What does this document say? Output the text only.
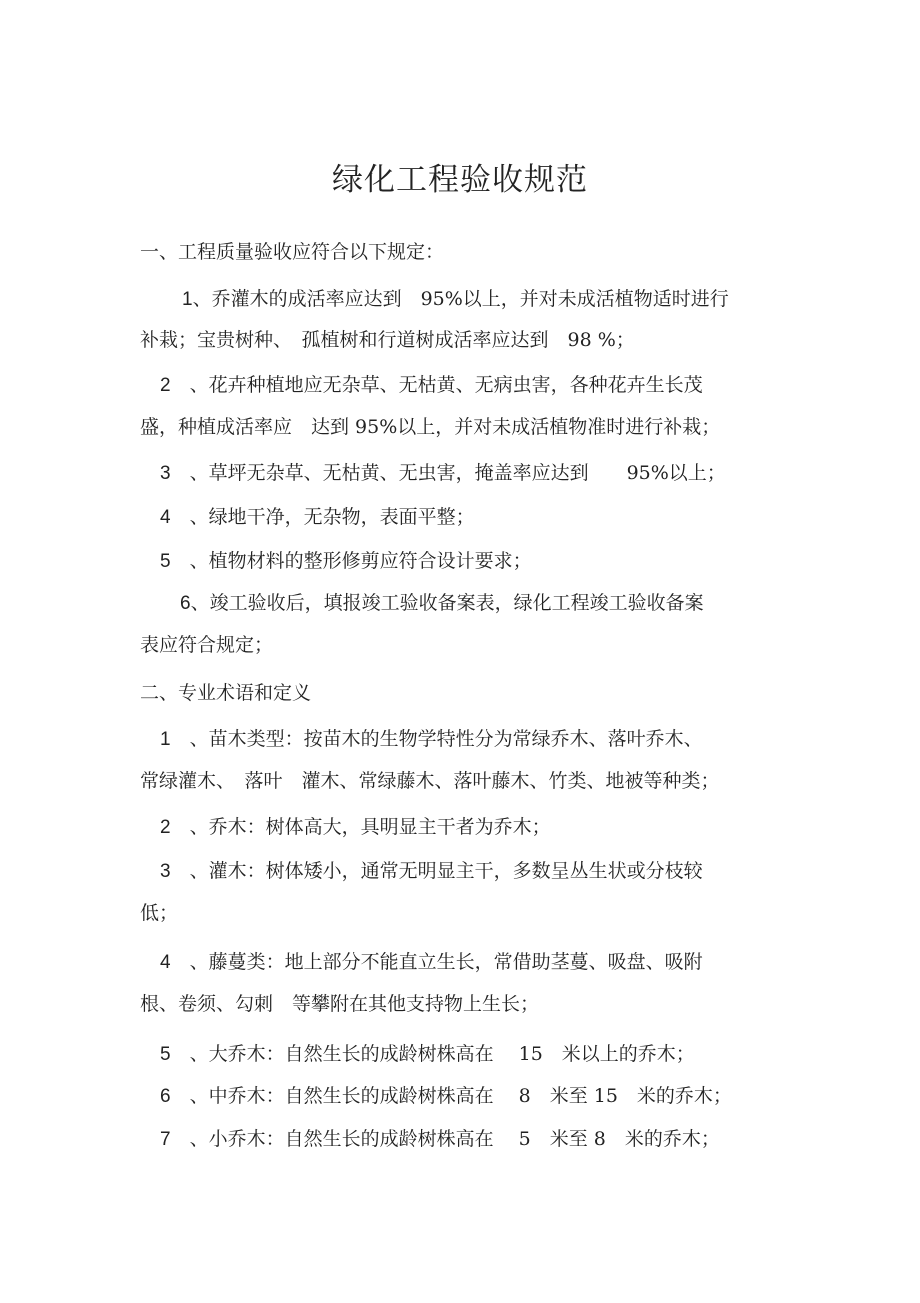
绿化工程验收规范
一、工程质量验收应符合以下规定：
1、乔灌木的成活率应达到　95%以上，并对未成活植物适时进行
补栽；宝贵树种、　孤植树和行道树成活率应达到　98 %；
2　、花卉种植地应无杂草、无枯黄、无病虫害，各种花卉生长茂
盛，种植成活率应　达到 95%以上，并对未成活植物准时进行补栽；
3　、草坪无杂草、无枯黄、无虫害，掩盖率应达到　　95%以上；
4　、绿地干净，无杂物，表面平整；
5　、植物材料的整形修剪应符合设计要求；
6、竣工验收后，填报竣工验收备案表，绿化工程竣工验收备案
表应符合规定；
二、专业术语和定义
1　、苗木类型：按苗木的生物学特性分为常绿乔木、落叶乔木、
常绿灌木、　落叶　灌木、常绿藤木、落叶藤木、竹类、地被等种类；
2　、乔木：树体高大，具明显主干者为乔木；
3　、灌木：树体矮小，通常无明显主干，多数呈丛生状或分枝较
低；
4　、藤蔓类：地上部分不能直立生长，常借助茎蔓、吸盘、吸附
根、卷须、勾刺　等攀附在其他支持物上生长；
5　、大乔木：自然生长的成龄树株高在　 15　米以上的乔木；
6　、中乔木：自然生长的成龄树株高在　 8　米至 15　米的乔木；
7　、小乔木：自然生长的成龄树株高在　 5　米至 8　米的乔木；
